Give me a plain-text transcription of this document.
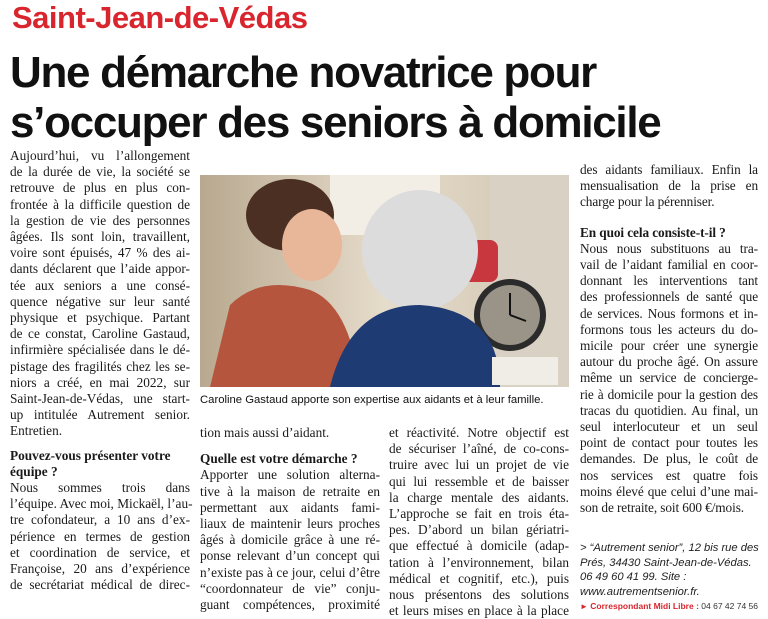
Saint-Jean-de-Védas
Une démarche novatrice pour
s’occuper des seniors à domicile

Aujourd’hui, vu l’allongement
de la durée de vie, la société se
retrouve de plus en plus con-
frontée à la difficile question de
la gestion de vie des personnes
âgées. Ils sont loin, travaillent,
voire sont épuisés, 47 % des ai-
dants déclarent que l’aide appor-
tée aux seniors a une consé-
quence négative sur leur santé
physique et psychique. Partant
de ce constat, Caroline Gastaud,
infirmière spécialisée dans le dé-
pistage des fragilités chez les se-
niors a créé, en mai 2022, sur
Saint-Jean-de-Védas, une start-
up intitulée Autrement senior.
Entretien.

Pouvez-vous présenter votre
équipe ?

Nous sommes trois dans
l’équipe. Avec moi, Mickaël, l’au-
tre cofondateur, a 10 ans d’ex-
périence en termes de gestion
et coordination de service, et
Françoise, 20 ans d’expérience
de secrétariat médical de direc-

Caroline Gastaud apporte son expertise aux aidants et à leur famille.

tion mais aussi d’aidant.

Quelle est votre démarche ?

Apporter une solution alterna-
tive à la maison de retraite en
permettant aux aidants fami-
liaux de maintenir leurs proches
âgés à domicile grâce à une ré-
ponse relevant d’un concept qui
n’existe pas à ce jour, celui d’être
“coordonnateur de vie” conju-
guant compétences, proximité

et réactivité. Notre objectif est
de sécuriser l’aîné, de co-cons-
truire avec lui un projet de vie
qui lui ressemble et de baisser
la charge mentale des aidants.
L’approche se fait en trois éta-
pes. D’abord un bilan gériatri-
que effectué à domicile (adap-
tation à l’environnement, bilan
médical et cognitif, etc.), puis
nous présentons des solutions
et leurs mises en place à la place

des aidants familiaux. Enfin la
mensualisation de la prise en
charge pour la pérenniser.

En quoi cela consiste-t-il ?

Nous nous substituons au tra-
vail de l’aidant familial en coor-
donnant les interventions tant
des professionnels de santé que
de services. Nous formons et in-
formons tous les acteurs du do-
micile pour créer une synergie
autour du proche âgé. On assure
même un service de concierge-
rie à domicile pour la gestion des
tracas du quotidien. Au final, un
seul interlocuteur et un seul
point de contact pour toutes les
demandes. De plus, le coût de
nos services est quatre fois
moins élevé que celui d’une mai-
son de retraite, soit 600 €/mois.

> “Autrement senior”, 12 bis rue des
Prés, 34430 Saint-Jean-de-Védas.
06 49 60 41 99. Site :
www.autrementsenior.fr.
► Correspondant Midi Libre : 04 67 42 74 56
